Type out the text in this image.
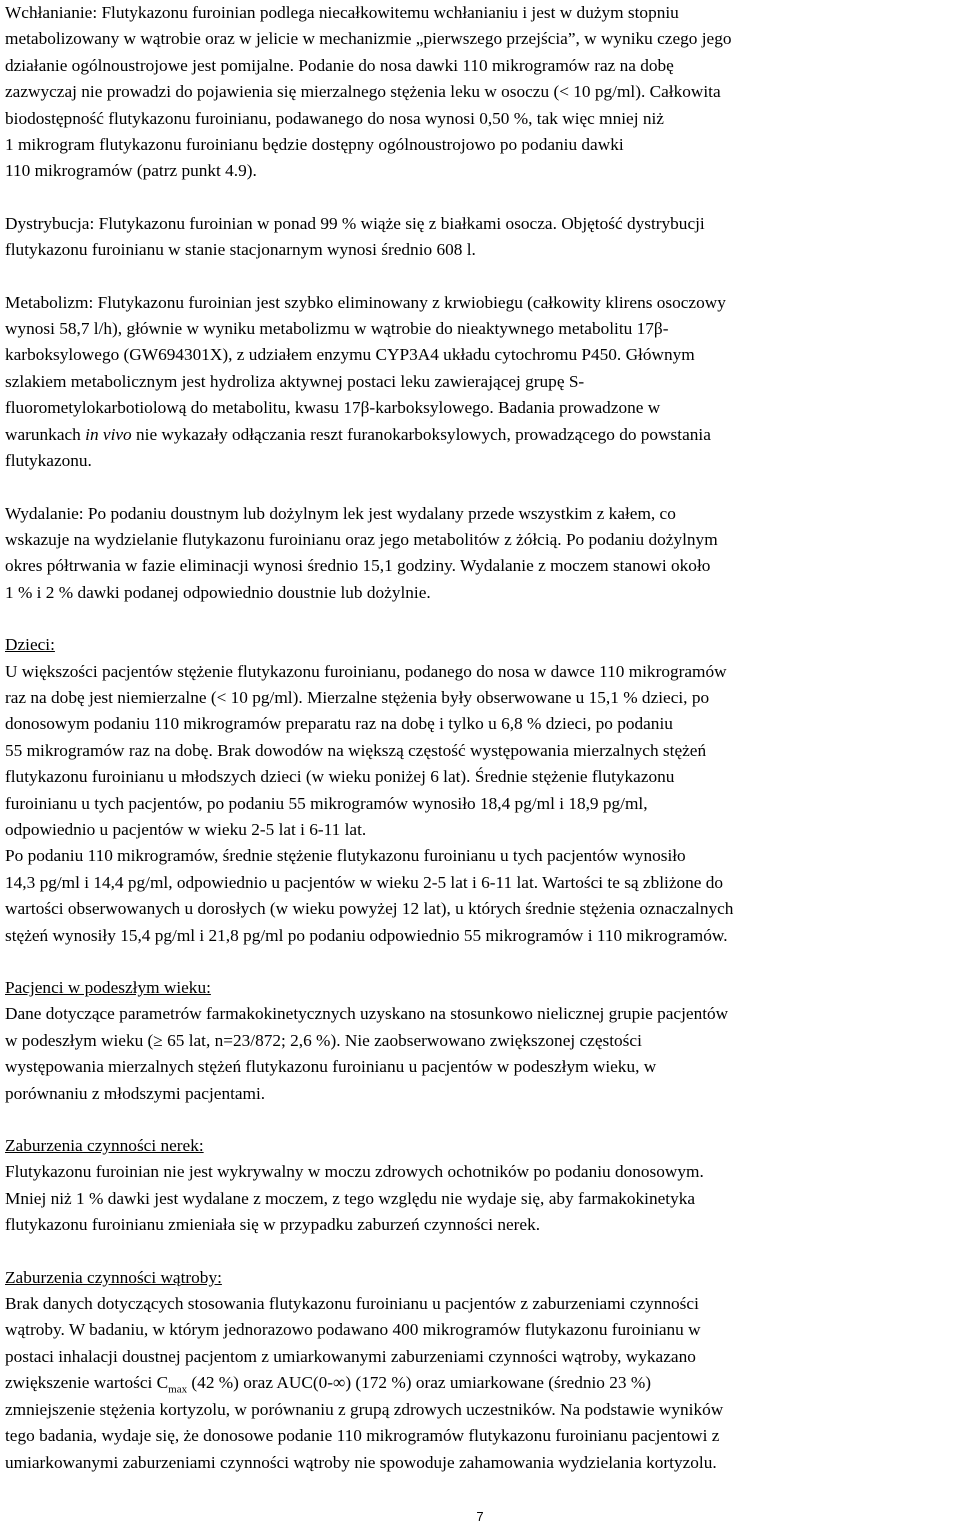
Wchłanianie: Flutykazonu furoinian podlega niecałkowitemu wchłanianiu i jest w dużym stopniu
metabolizowany w wątrobie oraz w jelicie w mechanizmie „pierwszego przejścia”, w wyniku czego jego
działanie ogólnoustrojowe jest pomijalne. Podanie do nosa dawki 110 mikrogramów raz na dobę
zazwyczaj nie prowadzi do pojawienia się mierzalnego stężenia leku w osoczu (< 10 pg/ml). Całkowita
biodostępność flutykazonu furoinianu, podawanego do nosa wynosi 0,50 %, tak więc mniej niż
1 mikrogram flutykazonu furoinianu będzie dostępny ogólnoustrojowo po podaniu dawki
110 mikrogramów (patrz punkt 4.9).

Dystrybucja: Flutykazonu furoinian w ponad 99 % wiąże się z białkami osocza. Objętość dystrybucji
flutykazonu furoinianu w stanie stacjonarnym wynosi średnio 608 l.

Metabolizm: Flutykazonu furoinian jest szybko eliminowany z krwiobiegu (całkowity klirens osoczowy
wynosi 58,7 l/h), głównie w wyniku metabolizmu w wątrobie do nieaktywnego metabolitu 17β-
karboksylowego (GW694301X), z udziałem enzymu CYP3A4 układu cytochromu P450. Głównym
szlakiem metabolicznym jest hydroliza aktywnej postaci leku zawierającej grupę S-
fluorometylokarbotiolową do metabolitu, kwasu 17β-karboksylowego. Badania prowadzone w
warunkach in vivo nie wykazały odłączania reszt furanokarboksylowych, prowadzącego do powstania
flutykazonu.

Wydalanie: Po podaniu doustnym lub dożylnym lek jest wydalany przede wszystkim z kałem, co
wskazuje na wydzielanie flutykazonu furoinianu oraz jego metabolitów z żółcią. Po podaniu dożylnym
okres półtrwania w fazie eliminacji wynosi średnio 15,1 godziny. Wydalanie z moczem stanowi około
1 % i 2 % dawki podanej odpowiednio doustnie lub dożylnie.

Dzieci:
U większości pacjentów stężenie flutykazonu furoinianu, podanego do nosa w dawce 110 mikrogramów
raz na dobę jest niemierzalne (< 10 pg/ml). Mierzalne stężenia były obserwowane u 15,1 % dzieci, po
donosowym podaniu 110 mikrogramów preparatu raz na dobę i tylko u 6,8 % dzieci, po podaniu
55 mikrogramów raz na dobę. Brak dowodów na większą częstość występowania mierzalnych stężeń
flutykazonu furoinianu u młodszych dzieci (w wieku poniżej 6 lat). Średnie stężenie flutykazonu
furoinianu u tych pacjentów, po podaniu 55 mikrogramów wynosiło 18,4 pg/ml i 18,9 pg/ml,
odpowiednio u pacjentów w wieku 2-5 lat i 6-11 lat.
Po podaniu 110 mikrogramów, średnie stężenie flutykazonu furoinianu u tych pacjentów wynosiło
14,3 pg/ml i 14,4 pg/ml, odpowiednio u pacjentów w wieku 2-5 lat i 6-11 lat. Wartości te są zbliżone do
wartości obserwowanych u dorosłych (w wieku powyżej 12 lat), u których średnie stężenia oznaczalnych
stężeń wynosiły 15,4 pg/ml i 21,8 pg/ml po podaniu odpowiednio 55 mikrogramów i 110 mikrogramów.

Pacjenci w podeszłym wieku:
Dane dotyczące parametrów farmakokinetycznych uzyskano na stosunkowo nielicznej grupie pacjentów
w podeszłym wieku (≥ 65 lat, n=23/872; 2,6 %). Nie zaobserwowano zwiększonej częstości
występowania mierzalnych stężeń flutykazonu furoinianu u pacjentów w podeszłym wieku, w
porównaniu z młodszymi pacjentami.

Zaburzenia czynności nerek:
Flutykazonu furoinian nie jest wykrywalny w moczu zdrowych ochotników po podaniu donosowym.
Mniej niż 1 % dawki jest wydalane z moczem, z tego względu nie wydaje się, aby farmakokinetyka
flutykazonu furoinianu zmieniała się w przypadku zaburzeń czynności nerek.

Zaburzenia czynności wątroby:
Brak danych dotyczących stosowania flutykazonu furoinianu u pacjentów z zaburzeniami czynności
wątroby. W badaniu, w którym jednorazowo podawano 400 mikrogramów flutykazonu furoinianu w
postaci inhalacji doustnej pacjentom z umiarkowanymi zaburzeniami czynności wątroby, wykazano
zwiększenie wartości $C_{max}$ (42 %) oraz AUC(0-∞) (172 %) oraz umiarkowane (średnio 23 %)
zmniejszenie stężenia kortyzolu, w porównaniu z grupą zdrowych uczestników. Na podstawie wyników
tego badania, wydaje się, że donosowe podanie 110 mikrogramów flutykazonu furoinianu pacjentowi z
umiarkowanymi zaburzeniami czynności wątroby nie spowoduje zahamowania wydzielania kortyzolu.

7
